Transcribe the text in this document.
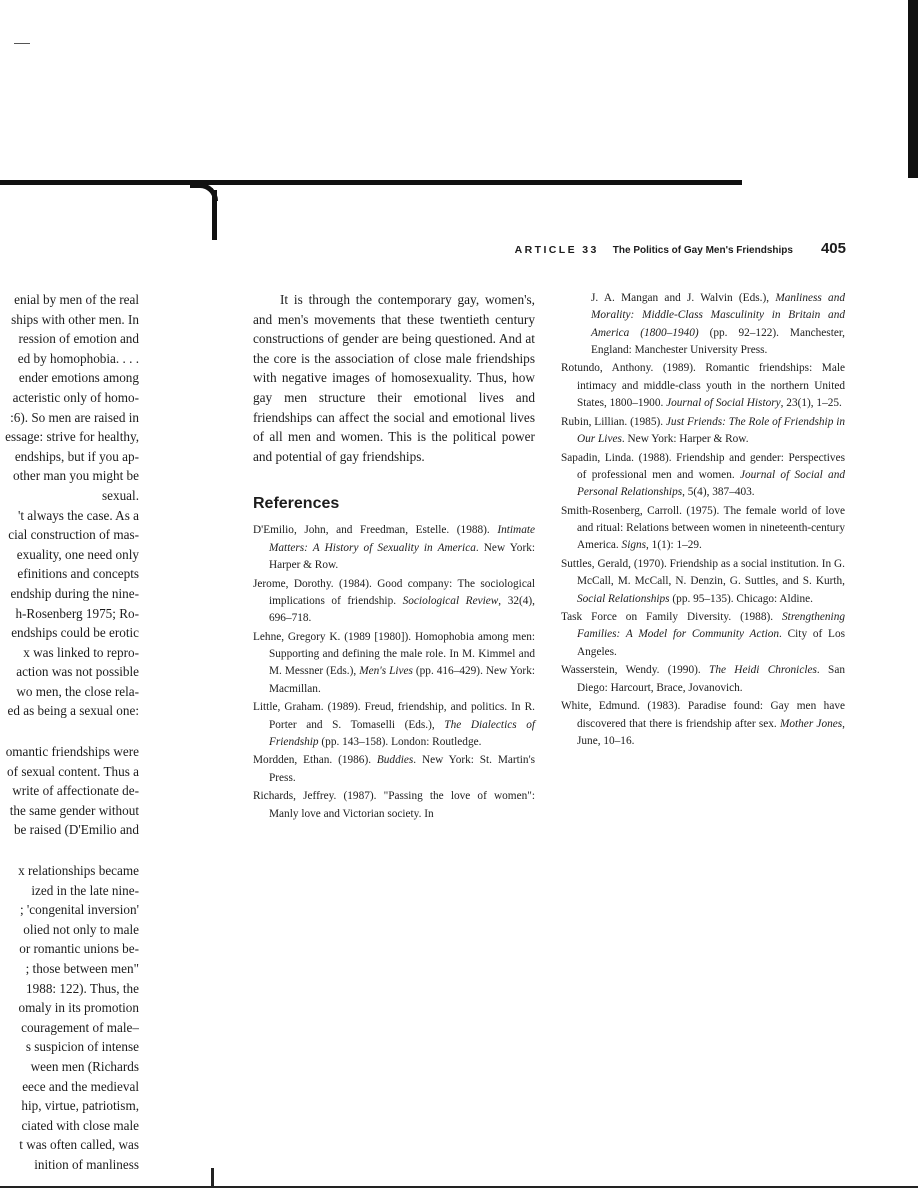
ARTICLE 33 The Politics of Gay Men's Friendships 405
enial by men of the real
ships with other men. In
ression of emotion and
ed by homophobia. . . .
ender emotions among
acteristic only of homo-
:6). So men are raised in
essage: strive for healthy,
endships, but if you ap-
other man you might be
sexual.
't always the case. As a
cial construction of mas-
exuality, one need only
efinitions and concepts
endship during the nine-
h-Rosenberg 1975; Ro-
endships could be erotic
x was linked to repro-
action was not possible
wo men, the close rela-
ed as being a sexual one:
omantic friendships were
of sexual content. Thus a
write of affectionate de-
the same gender without
be raised (D'Emilio and
x relationships became
ized in the late nine-
; 'congenital inversion'
olied not only to male
or romantic unions be-
; those between men"
1988: 122). Thus, the
omaly in its promotion
couragement of male–
s suspicion of intense
ween men (Richards
eece and the medieval
hip, virtue, patriotism,
ciated with close male
t was often called, was
inition of manliness

It is through the contemporary gay, women's, and men's movements that these twentieth century constructions of gender are being questioned. And at the core is the association of close male friendships with negative images of homosexuality. Thus, how gay men structure their emotional lives and friendships can affect the social and emotional lives of all men and women. This is the political power and potential of gay friendships.

References

D'Emilio, John, and Freedman, Estelle. (1988). Intimate Matters: A History of Sexuality in America. New York: Harper & Row.

Jerome, Dorothy. (1984). Good company: The sociological implications of friendship. Sociological Review, 32(4), 696–718.

Lehne, Gregory K. (1989 [1980]). Homophobia among men: Supporting and defining the male role. In M. Kimmel and M. Messner (Eds.), Men's Lives (pp. 416–429). New York: Macmillan.

Little, Graham. (1989). Freud, friendship, and politics. In R. Porter and S. Tomaselli (Eds.), The Dialectics of Friendship (pp. 143–158). London: Routledge.

Mordden, Ethan. (1986). Buddies. New York: St. Martin's Press.

Richards, Jeffrey. (1987). "Passing the love of women": Manly love and Victorian society. In

J. A. Mangan and J. Walvin (Eds.), Manliness and Morality: Middle-Class Masculinity in Britain and America (1800–1940) (pp. 92–122). Manchester, England: Manchester University Press.

Rotundo, Anthony. (1989). Romantic friendships: Male intimacy and middle-class youth in the northern United States, 1800–1900. Journal of Social History, 23(1), 1–25.

Rubin, Lillian. (1985). Just Friends: The Role of Friendship in Our Lives. New York: Harper & Row.

Sapadin, Linda. (1988). Friendship and gender: Perspectives of professional men and women. Journal of Social and Personal Relationships, 5(4), 387–403.

Smith-Rosenberg, Carroll. (1975). The female world of love and ritual: Relations between women in nineteenth-century America. Signs, 1(1): 1–29.

Suttles, Gerald, (1970). Friendship as a social institution. In G. McCall, M. McCall, N. Denzin, G. Suttles, and S. Kurth, Social Relationships (pp. 95–135). Chicago: Aldine.

Task Force on Family Diversity. (1988). Strengthening Families: A Model for Community Action. City of Los Angeles.

Wasserstein, Wendy. (1990). The Heidi Chronicles. San Diego: Harcourt, Brace, Jovanovich.

White, Edmund. (1983). Paradise found: Gay men have discovered that there is friendship after sex. Mother Jones, June, 10–16.
